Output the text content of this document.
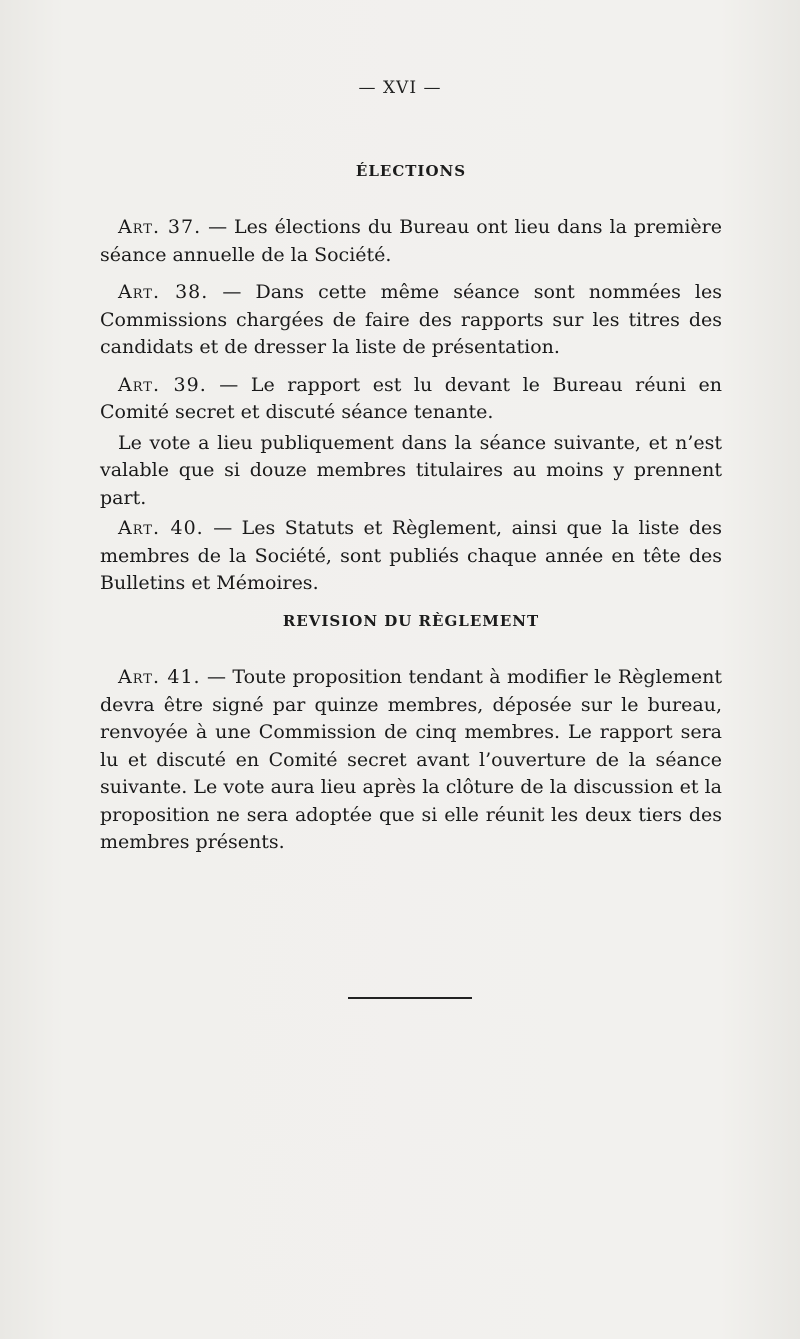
— XVI —
ÉLECTIONS

Art. 37. — Les élections du Bureau ont lieu dans la première séance annuelle de la Société.

Art. 38. — Dans cette même séance sont nommées les Commissions chargées de faire des rapports sur les titres des candidats et de dresser la liste de présentation.

Art. 39. — Le rapport est lu devant le Bureau réuni en Comité secret et discuté séance tenante.

Le vote a lieu publiquement dans la séance suivante, et n’est valable que si douze membres titulaires au moins y prennent part.

Art. 40. — Les Statuts et Règlement, ainsi que la liste des membres de la Société, sont publiés chaque année en tête des Bulletins et Mémoires.

REVISION DU RÈGLEMENT

Art. 41. — Toute proposition tendant à modifier le Règlement devra être signé par quinze membres, déposée sur le bureau, renvoyée à une Commission de cinq membres. Le rapport sera lu et discuté en Comité secret avant l’ouverture de la séance suivante. Le vote aura lieu après la clôture de la discussion et la proposition ne sera adoptée que si elle réunit les deux tiers des membres présents.
